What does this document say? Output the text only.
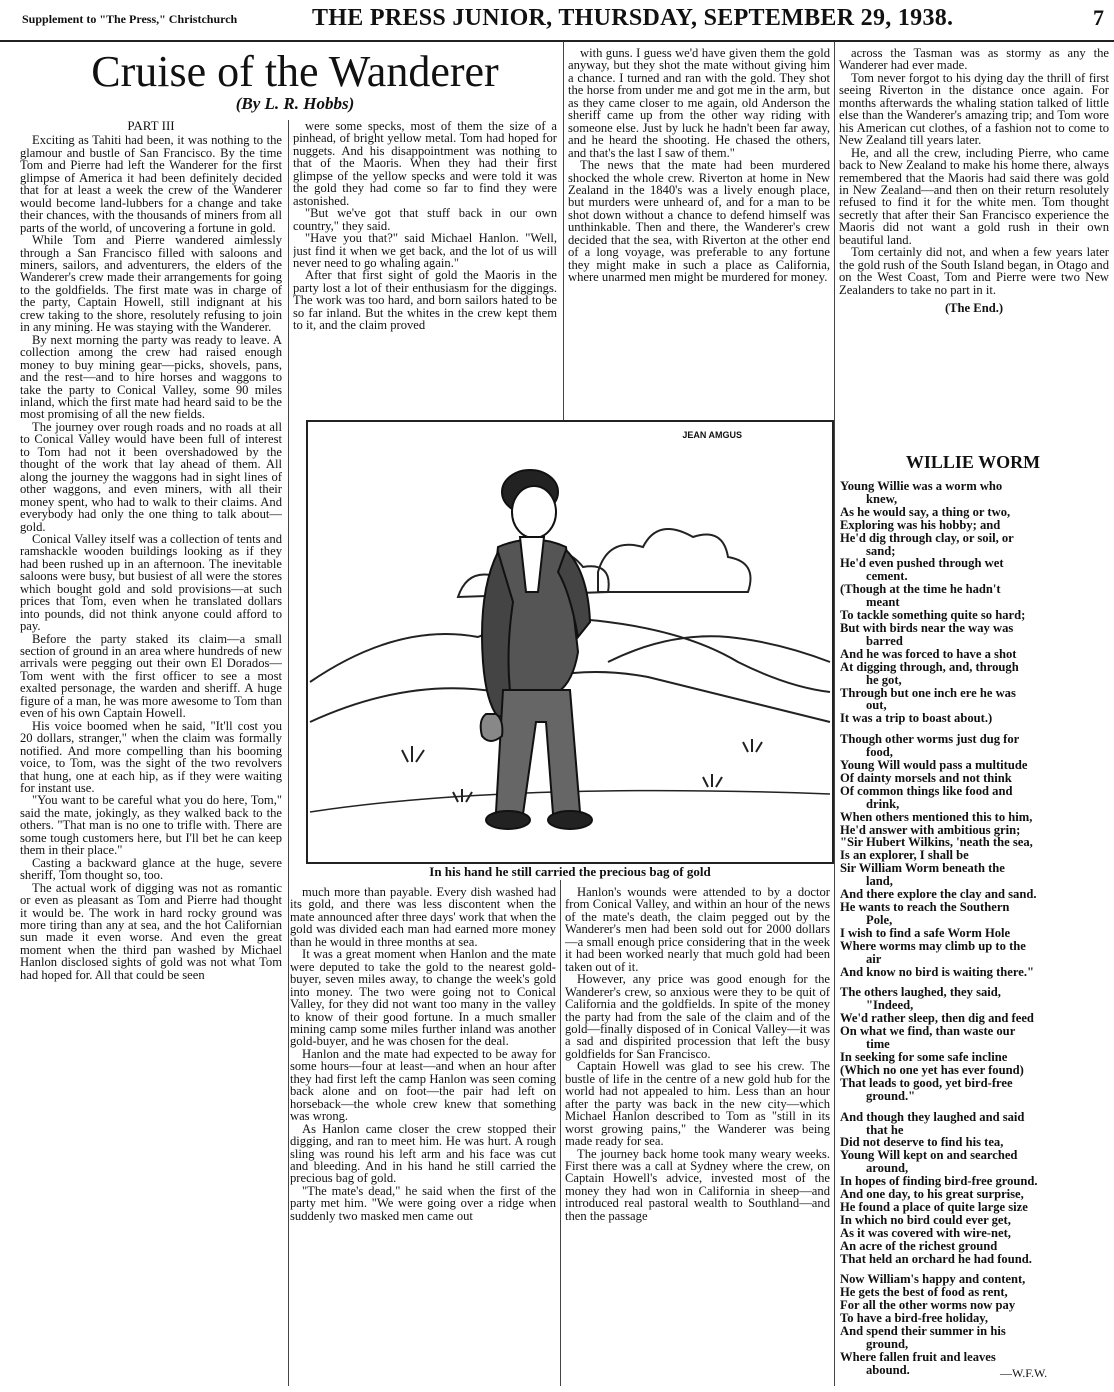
Supplement to "The Press," Christchurch	THE PRESS JUNIOR, THURSDAY, SEPTEMBER 29, 1938.	7
Cruise of the Wanderer
(By L. R. Hobbs)

PART III

Exciting as Tahiti had been, it was nothing to the glamour and bustle of San Francisco. By the time Tom and Pierre had left the Wanderer for the first glimpse of America it had been definitely decided that for at least a week the crew of the Wanderer would become land-lubbers for a change and take their chances, with the thousands of miners from all parts of the world, of uncovering a fortune in gold.

While Tom and Pierre wandered aimlessly through a San Francisco filled with saloons and miners, sailors, and adventurers, the elders of the Wanderer's crew made their arrangements for going to the goldfields. The first mate was in charge of the party, Captain Howell, still indignant at his crew taking to the shore, resolutely refusing to join in any mining. He was staying with the Wanderer.

By next morning the party was ready to leave. A collection among the crew had raised enough money to buy mining gear—picks, shovels, pans, and the rest—and to hire horses and waggons to take the party to Conical Valley, some 90 miles inland, which the first mate had heard said to be the most promising of all the new fields.

The journey over rough roads and no roads at all to Conical Valley would have been full of interest to Tom had not it been overshadowed by the thought of the work that lay ahead of them. All along the journey the waggons had in sight lines of other waggons, and even miners, with all their money spent, who had to walk to their claims. And everybody had only the one thing to talk about—gold.

Conical Valley itself was a collection of tents and ramshackle wooden buildings looking as if they had been rushed up in an afternoon. The inevitable saloons were busy, but busiest of all were the stores which bought gold and sold provisions—at such prices that Tom, even when he translated dollars into pounds, did not think anyone could afford to pay.

Before the party staked its claim—a small section of ground in an area where hundreds of new arrivals were pegging out their own El Dorados—Tom went with the first officer to see a most exalted personage, the warden and sheriff. A huge figure of a man, he was more awesome to Tom than even of his own Captain Howell.

His voice boomed when he said, "It'll cost you 20 dollars, stranger," when the claim was formally notified. And more compelling than his booming voice, to Tom, was the sight of the two revolvers that hung, one at each hip, as if they were waiting for instant use.

"You want to be careful what you do here, Tom," said the mate, jokingly, as they walked back to the others. "That man is no one to trifle with. There are some tough customers here, but I'll bet he can keep them in their place."

Casting a backward glance at the huge, severe sheriff, Tom thought so, too.

The actual work of digging was not as romantic or even as pleasant as Tom and Pierre had thought it would be. The work in hard rocky ground was more tiring than any at sea, and the hot Californian sun made it even worse. And even the great moment when the third pan washed by Michael Hanlon disclosed sights of gold was not what Tom had hoped for. All that could be seen

were some specks, most of them the size of a pinhead, of bright yellow metal. Tom had hoped for nuggets. And his disappointment was nothing to that of the Maoris. When they had their first glimpse of the yellow specks and were told it was the gold they had come so far to find they were astonished.

"But we've got that stuff back in our own country," they said.

"Have you that?" said Michael Hanlon. "Well, just find it when we get back, and the lot of us will never need to go whaling again."

After that first sight of gold the Maoris in the party lost a lot of their enthusiasm for the diggings. The work was too hard, and born sailors hated to be so far inland. But the whites in the crew kept them to it, and the claim proved

with guns. I guess we'd have given them the gold anyway, but they shot the mate without giving him a chance. I turned and ran with the gold. They shot the horse from under me and got me in the arm, but as they came closer to me again, old Anderson the sheriff came up from the other way riding with someone else. Just by luck he hadn't been far away, and he heard the shooting. He chased the others, and that's the last I saw of them."

The news that the mate had been murdered shocked the whole crew. Riverton at home in New Zealand in the 1840's was a lively enough place, but murders were unheard of, and for a man to be shot down without a chance to defend himself was unthinkable. Then and there, the Wanderer's crew decided that the sea, with Riverton at the other end of a long voyage, was preferable to any fortune they might make in such a place as California, where unarmed men might be murdered for money.

across the Tasman was as stormy as any the Wanderer had ever made.

Tom never forgot to his dying day the thrill of first seeing Riverton in the distance once again. For months afterwards the whaling station talked of little else than the Wanderer's amazing trip; and Tom wore his American cut clothes, of a fashion not to come to New Zealand till years later.

He, and all the crew, including Pierre, who came back to New Zealand to make his home there, always remembered that the Maoris had said there was gold in New Zealand—and then on their return resolutely refused to find it for the white men. Tom thought secretly that after their San Francisco experience the Maoris did not want a gold rush in their own beautiful land.

Tom certainly did not, and when a few years later the gold rush of the South Island began, in Otago and on the West Coast, Tom and Pierre were two New Zealanders to take no part in it.

(The End.)

JEAN AMGUS
In his hand he still carried the precious bag of gold

much more than payable. Every dish washed had its gold, and there was less discontent when the mate announced after three days' work that when the gold was divided each man had earned more money than he would in three months at sea.

It was a great moment when Hanlon and the mate were deputed to take the gold to the nearest gold-buyer, seven miles away, to change the week's gold into money. The two were going not to Conical Valley, for they did not want too many in the valley to know of their good fortune. In a much smaller mining camp some miles further inland was another gold-buyer, and he was chosen for the deal.

Hanlon and the mate had expected to be away for some hours—four at least—and when an hour after they had first left the camp Hanlon was seen coming back alone and on foot—the pair had left on horseback—the whole crew knew that something was wrong.

As Hanlon came closer the crew stopped their digging, and ran to meet him. He was hurt. A rough sling was round his left arm and his face was cut and bleeding. And in his hand he still carried the precious bag of gold.

"The mate's dead," he said when the first of the party met him. "We were going over a ridge when suddenly two masked men came out

Hanlon's wounds were attended to by a doctor from Conical Valley, and within an hour of the news of the mate's death, the claim pegged out by the Wanderer's men had been sold out for 2000 dollars—a small enough price considering that in the week it had been worked nearly that much gold had been taken out of it.

However, any price was good enough for the Wanderer's crew, so anxious were they to be quit of California and the goldfields. In spite of the money the party had from the sale of the claim and of the gold—finally disposed of in Conical Valley—it was a sad and dispirited procession that left the busy goldfields for San Francisco.

Captain Howell was glad to see his crew. The bustle of life in the centre of a new gold hub for the world had not appealed to him. Less than an hour after the party was back in the new city—which Michael Hanlon described to Tom as "still in its worst growing pains," the Wanderer was being made ready for sea.

The journey back home took many weary weeks. First there was a call at Sydney where the crew, on Captain Howell's advice, invested most of the money they had won in California in sheep—and introduced real pastoral wealth to Southland—and then the passage

WILLIE WORM
Young Willie was a worm who
knew,
As he would say, a thing or two,
Exploring was his hobby; and
He'd dig through clay, or soil, or
sand;
He'd even pushed through wet
cement.
(Though at the time he hadn't
meant
To tackle something quite so hard;
But with birds near the way was
barred
And he was forced to have a shot
At digging through, and, through
he got,
Through but one inch ere he was
out,
It was a trip to boast about.)
Though other worms just dug for
food,
Young Will would pass a multitude
Of dainty morsels and not think
Of common things like food and
drink,
When others mentioned this to him,
He'd answer with ambitious grin;
"Sir Hubert Wilkins, 'neath the sea,
Is an explorer, I shall be
Sir William Worm beneath the
land,
And there explore the clay and sand.
He wants to reach the Southern
Pole,
I wish to find a safe Worm Hole
Where worms may climb up to the
air
And know no bird is waiting there."
The others laughed, they said,
"Indeed,
We'd rather sleep, then dig and feed
On what we find, than waste our
time
In seeking for some safe incline
(Which no one yet has ever found)
That leads to good, yet bird-free
ground."
And though they laughed and said
that he
Did not deserve to find his tea,
Young Will kept on and searched
around,
In hopes of finding bird-free ground.
And one day, to his great surprise,
He found a place of quite large size
In which no bird could ever get,
As it was covered with wire-net,
An acre of the richest ground
That held an orchard he had found.
Now William's happy and content,
He gets the best of food as rent,
For all the other worms now pay
To have a bird-free holiday,
And spend their summer in his
ground,
Where fallen fruit and leaves
abound.	—W.F.W.
